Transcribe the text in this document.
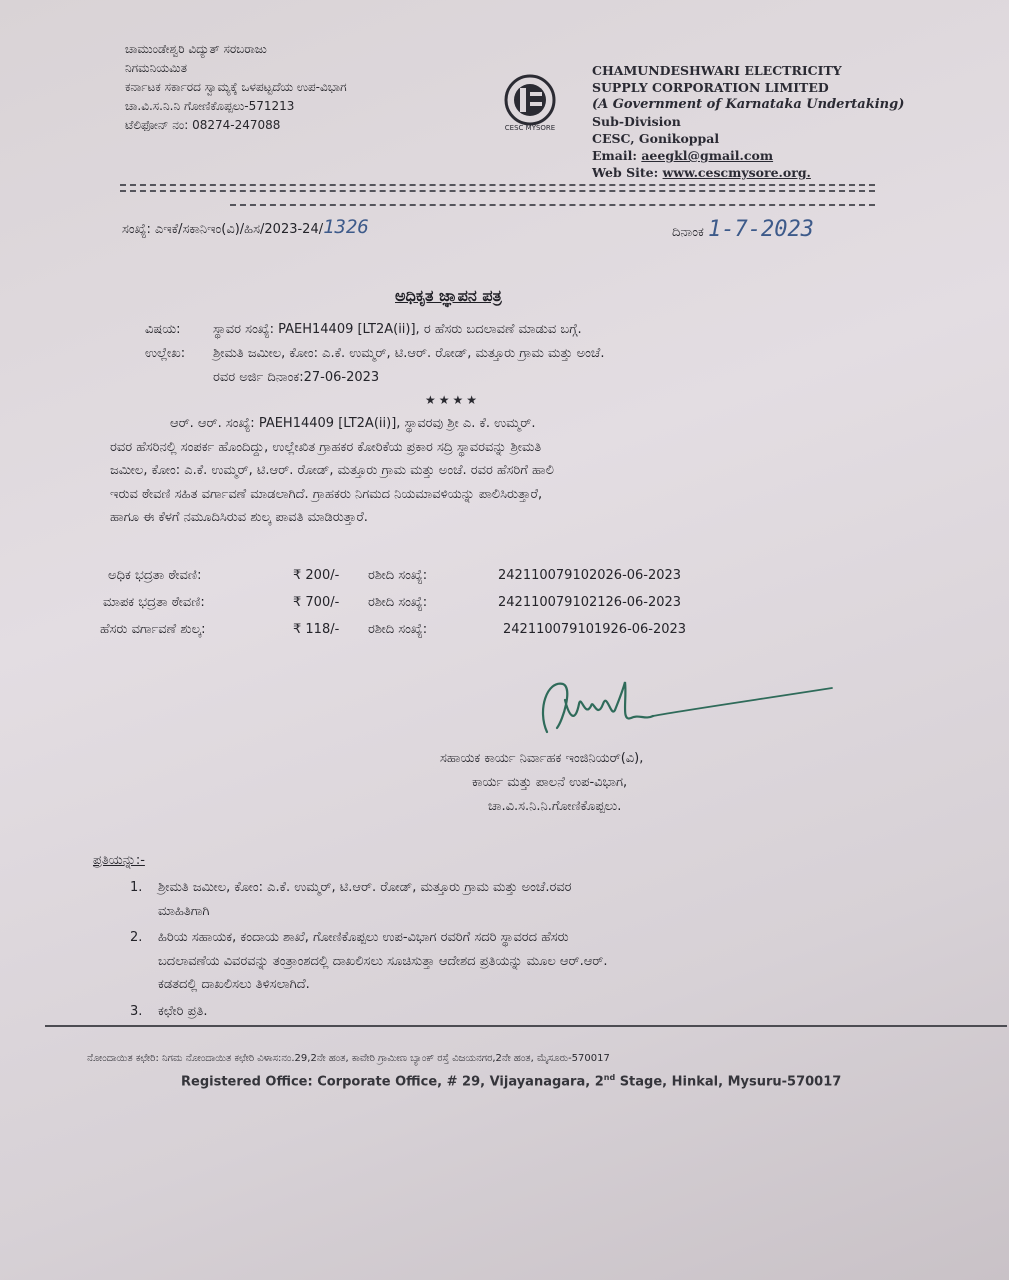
ಚಾಮುಂಡೇಶ್ವರಿ ವಿದ್ಯುತ್ ಸರಬರಾಜು
ನಿಗಮನಿಯಮಿತ
ಕರ್ನಾಟಕ ಸರ್ಕಾರದ ಸ್ವಾಮ್ಯಕ್ಕೆ ಒಳಪಟ್ಟದೆಯ ಉಪ-ವಿಭಾಗ
ಚಾ.ವಿ.ಸ.ನಿ.ನಿ ಗೋಣಿಕೊಪ್ಪಲು-571213
ಟೆಲಿಫೋನ್ ನಂ: 08274-247088	CESC MYSORE
CHAMUNDESHWARI ELECTRICITY
SUPPLY CORPORATION LIMITED
(A Government of Karnataka Undertaking)
Sub-Division
CESC, Gonikoppal
Email: aeegkl@gmail.com
Web Site: www.cescmysore.org.
ಸಂಖ್ಯೆ: ಎಇಕೆ/ಸಕಾನಿಇಂ(ವಿ)/ಹಿಸ/2023-24/1326	ದಿನಾಂಕ 1-7-2023
ಅಧಿಕೃತ ಜ್ಞಾಪನ ಪತ್ರ
ವಿಷಯ: ಸ್ಥಾವರ ಸಂಖ್ಯೆ: PAEH14409 [LT2A(ii)], ರ ಹೆಸರು ಬದಲಾವಣೆ ಮಾಡುವ ಬಗ್ಗೆ.
ಉಲ್ಲೇಖ: ಶ್ರೀಮತಿ ಜಮೀಲ, ಕೋಂ: ಎ.ಕೆ. ಉಮ್ಮರ್, ಟಿ.ಆರ್. ರೋಡ್, ಮತ್ತೂರು ಗ್ರಾಮ ಮತ್ತು ಅಂಚೆ.
ರವರ ಅರ್ಜಿ ದಿನಾಂಕ:27-06-2023
★★★★
ಆರ್. ಆರ್. ಸಂಖ್ಯೆ: PAEH14409 [LT2A(ii)], ಸ್ಥಾವರವು ಶ್ರೀ ಎ. ಕೆ. ಉಮ್ಮರ್.
ರವರ ಹೆಸರಿನಲ್ಲಿ ಸಂಪರ್ಕ ಹೊಂದಿದ್ದು, ಉಲ್ಲೇಖಿತ ಗ್ರಾಹಕರ ಕೋರಿಕೆಯ ಪ್ರಕಾರ ಸದ್ರಿ ಸ್ಥಾವರವನ್ನು ಶ್ರೀಮತಿ
ಜಮೀಲ, ಕೋಂ: ಎ.ಕೆ. ಉಮ್ಮರ್, ಟಿ.ಆರ್. ರೋಡ್, ಮತ್ತೂರು ಗ್ರಾಮ ಮತ್ತು ಅಂಚೆ. ರವರ ಹೆಸರಿಗೆ ಹಾಲಿ
ಇರುವ ಠೇವಣಿ ಸಹಿತ ವರ್ಗಾವಣೆ ಮಾಡಲಾಗಿದೆ. ಗ್ರಾಹಕರು ನಿಗಮದ ನಿಯಮಾವಳಿಯನ್ನು ಪಾಲಿಸಿರುತ್ತಾರೆ,
ಹಾಗೂ ಈ ಕೆಳಗೆ ನಮೂದಿಸಿರುವ ಶುಲ್ಕ ಪಾವತಿ ಮಾಡಿರುತ್ತಾರೆ.
ಅಧಿಕ ಭದ್ರತಾ ಠೇವಣಿ:	₹ 200/- ರಶೀದಿ ಸಂಖ್ಯೆ:	242110079102026-06-2023
ಮಾಪಕ ಭದ್ರತಾ ಠೇವಣಿ:	₹ 700/- ರಶೀದಿ ಸಂಖ್ಯೆ:	242110079102126-06-2023
ಹೆಸರು ವರ್ಗಾವಣೆ ಶುಲ್ಕ:	₹ 118/- ರಶೀದಿ ಸಂಖ್ಯೆ:	242110079101926-06-2023
ಸಹಾಯಕ ಕಾರ್ಯ ನಿರ್ವಾಹಕ ಇಂಜಿನಿಯರ್(ವಿ),
ಕಾರ್ಯ ಮತ್ತು ಪಾಲನೆ ಉಪ-ವಿಭಾಗ,
ಚಾ.ವಿ.ಸ.ನಿ.ನಿ.ಗೋಣಿಕೊಪ್ಪಲು.
ಪ್ರತಿಯನ್ನು:-
1. ಶ್ರೀಮತಿ ಜಮೀಲ, ಕೋಂ: ಎ.ಕೆ. ಉಮ್ಮರ್, ಟಿ.ಆರ್. ರೋಡ್, ಮತ್ತೂರು ಗ್ರಾಮ ಮತ್ತು ಅಂಚೆ.ರವರ
ಮಾಹಿತಿಗಾಗಿ
2. ಹಿರಿಯ ಸಹಾಯಕ, ಕಂದಾಯ ಶಾಖೆ, ಗೋಣಿಕೊಪ್ಪಲು ಉಪ-ವಿಭಾಗ ರವರಿಗೆ ಸದರಿ ಸ್ಥಾವರದ ಹೆಸರು
ಬದಲಾವಣೆಯ ವಿವರವನ್ನು ತಂತ್ರಾಂಶದಲ್ಲಿ ದಾಖಲಿಸಲು ಸೂಚಿಸುತ್ತಾ ಆದೇಶದ ಪ್ರತಿಯನ್ನು ಮೂಲ ಆರ್.ಆರ್.
ಕಡತದಲ್ಲಿ ದಾಖಲಿಸಲು ತಿಳಿಸಲಾಗಿದೆ.
3. ಕಛೇರಿ ಪ್ರತಿ.
ನೋಂದಾಯಿತ ಕಛೇರಿ: ನಿಗಮ ನೋಂದಾಯಿತ ಕಛೇರಿ ವಿಳಾಸ:ನಂ.29,2ನೇ ಹಂತ, ಕಾವೇರಿ ಗ್ರಾಮೀಣ ಬ್ಯಾಂಕ್ ರಸ್ತೆ ವಿಜಯನಗರ,2ನೇ ಹಂತ, ಮೈಸೂರು-570017
Registered Office: Corporate Office, # 29, Vijayanagara, 2nd Stage, Hinkal, Mysuru-570017
